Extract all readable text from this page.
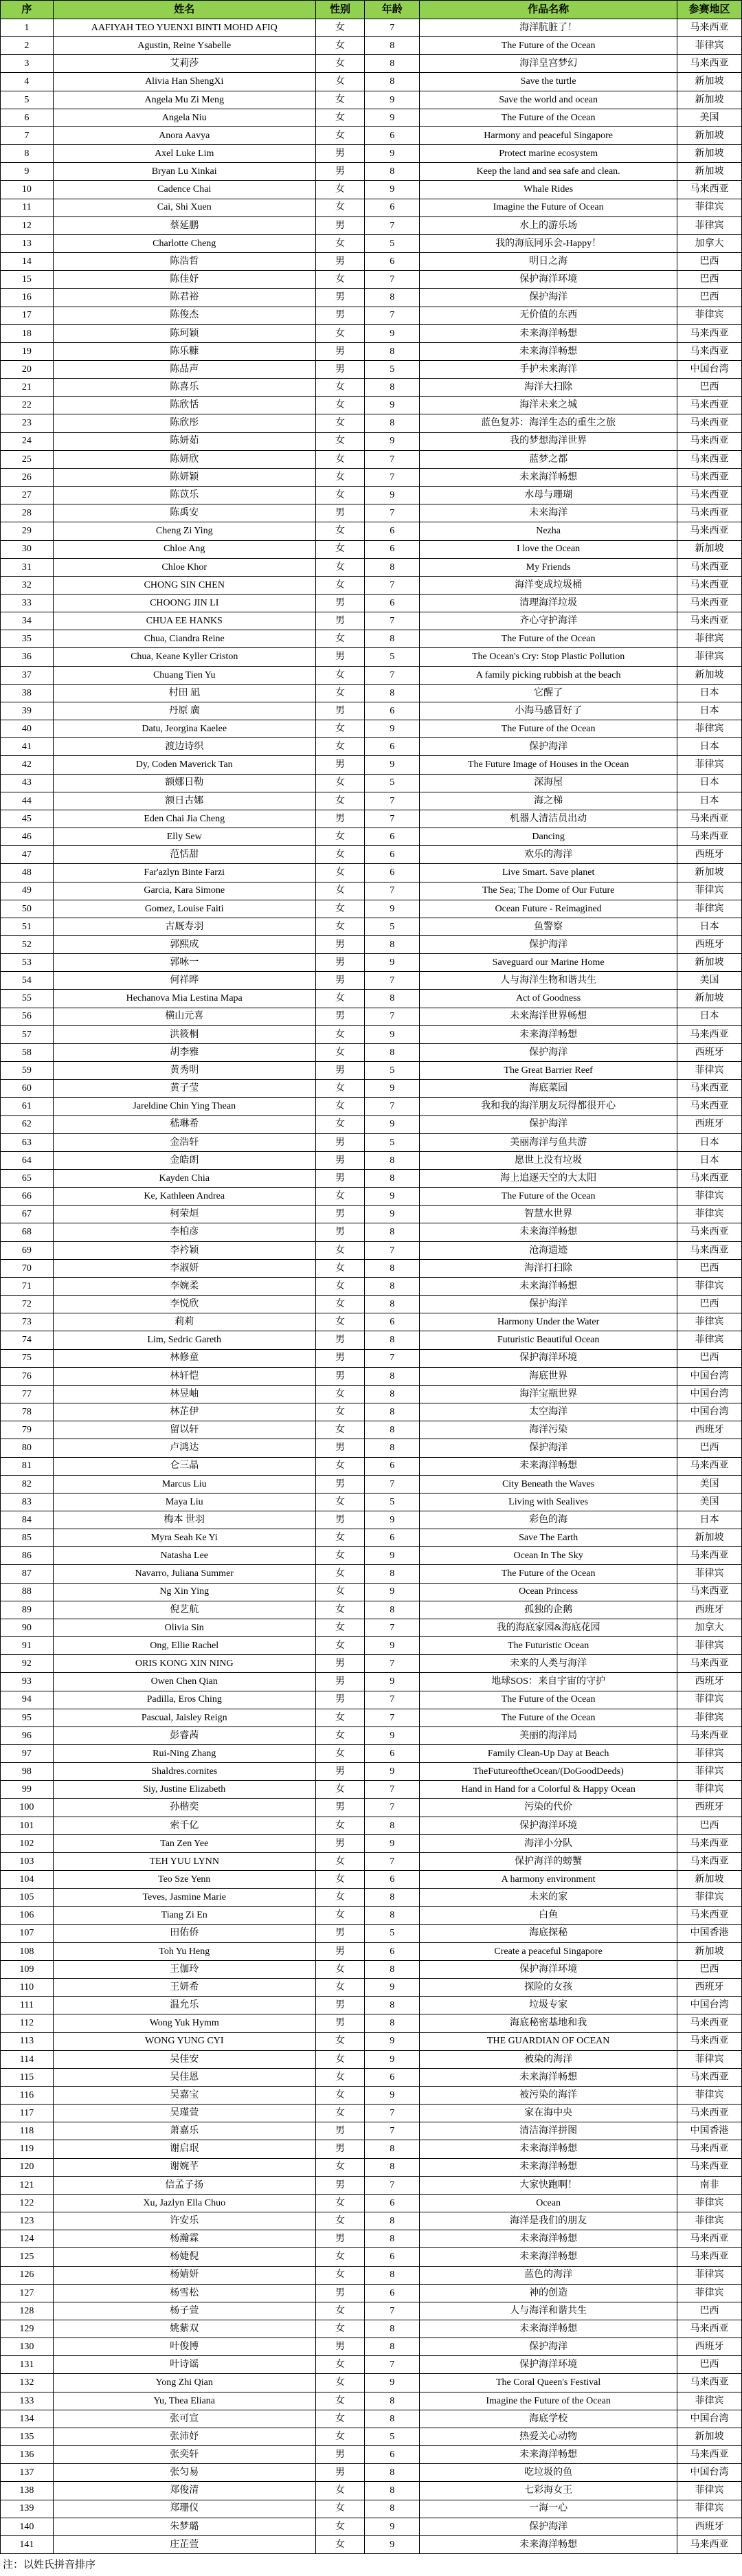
序	姓名	性别	年龄	作品名称	参赛地区
1	AAFIYAH TEO YUENXI BINTI MOHD AFIQ	女	7	海洋肮脏了！	马来西亚
2	Agustin, Reine Ysabelle	女	8	The Future of the Ocean	菲律宾
3	艾莉莎	女	8	海洋皇宫梦幻	马来西亚
4	Alivia Han ShengXi	女	8	Save the turtle	新加坡
5	Angela Mu Zi Meng	女	9	Save the world and ocean	新加坡
6	Angela Niu	女	9	The Future of the Ocean	美国
7	Anora Aavya	女	6	Harmony and peaceful Singapore	新加坡
8	Axel Luke Lim	男	9	Protect marine ecosystem	新加坡
9	Bryan Lu Xinkai	男	8	Keep the land and sea safe and clean.	新加坡
10	Cadence Chai	女	9	Whale Rides	马来西亚
11	Cai, Shi Xuen	女	6	Imagine the Future of Ocean	菲律宾
12	蔡延鹏	男	7	水上的游乐场	菲律宾
13	Charlotte Cheng	女	5	我的海底同乐会-Happy！	加拿大
14	陈浩哲	男	6	明日之海	巴西
15	陈佳妤	女	7	保护海洋环境	巴西
16	陈君裕	男	8	保护海洋	巴西
17	陈俊杰	男	7	无价值的东西	菲律宾
18	陈珂颖	女	9	未来海洋畅想	马来西亚
19	陈乐糠	男	8	未来海洋畅想	马来西亚
20	陈品声	男	5	手护未来海洋	中国台湾
21	陈喜乐	女	8	海洋大扫除	巴西
22	陈欣恬	女	9	海洋未来之城	马来西亚
23	陈欣彤	女	8	蓝色复苏：海洋生态的重生之旅	马来西亚
24	陈妍茹	女	9	我的梦想海洋世界	马来西亚
25	陈妍欣	女	7	蓝梦之都	马来西亚
26	陈妍颖	女	7	未来海洋畅想	马来西亚
27	陈苡乐	女	9	水母与珊瑚	马来西亚
28	陈禹安	男	7	未来海洋	马来西亚
29	Cheng Zi Ying	女	6	Nezha	马来西亚
30	Chloe Ang	女	6	I love the Ocean	新加坡
31	Chloe Khor	女	8	My Friends	马来西亚
32	CHONG SIN CHEN	女	7	海洋变成垃圾桶	马来西亚
33	CHOONG JIN LI	男	6	清理海洋垃圾	马来西亚
34	CHUA EE HANKS	男	7	齐心守护海洋	马来西亚
35	Chua, Ciandra Reine	女	8	The Future of the Ocean	菲律宾
36	Chua, Keane Kyller Criston	男	5	The Ocean's Cry: Stop Plastic Pollution	菲律宾
37	Chuang Tien Yu	女	7	A family picking rubbish at the beach	新加坡
38	村田 凪	女	8	它醒了	日本
39	丹原 廣	男	6	小海马感冒好了	日本
40	Datu, Jeorgina Kaelee	女	9	The Future of the Ocean	菲律宾
41	渡边诗织	女	6	保护海洋	日本
42	Dy, Coden Maverick Tan	男	9	The Future Image of Houses in the Ocean	菲律宾
43	额娜日勒	女	5	深海屋	日本
44	额日古娜	女	7	海之梯	日本
45	Eden Chai Jia Cheng	男	7	机器人清洁员出动	马来西亚
46	Elly Sew	女	6	Dancing	马来西亚
47	范恬甜	女	6	欢乐的海洋	西班牙
48	Far'azlyn Binte Farzi	女	6	Live Smart. Save planet	新加坡
49	Garcia, Kara Simone	女	7	The Sea; The Dome of Our Future	菲律宾
50	Gomez, Louise Faiti	女	9	Ocean Future - Reimagined	菲律宾
51	古厩寿羽	女	5	鱼警察	日本
52	郭熙成	男	8	保护海洋	西班牙
53	郭咏一	男	9	Saveguard our Marine Home	新加坡
54	何祥晔	男	7	人与海洋生物和谐共生	美国
55	Hechanova Mia Lestina Mapa	女	8	Act of Goodness	新加坡
56	横山元喜	男	7	未来海洋世界畅想	日本
57	洪筱桐	女	9	未来海洋畅想	马来西亚
58	胡李雅	女	8	保护海洋	西班牙
59	黄秀明	男	5	The Great Barrier Reef	菲律宾
60	黄子莹	女	9	海底菜园	马来西亚
61	Jareldine Chin Ying Thean	女	7	我和我的海洋朋友玩得都很开心	马来西亚
62	嵇琳希	女	9	保护海洋	西班牙
63	金浩轩	男	5	美丽海洋与鱼共游	日本
64	金皓朗	男	8	愿世上没有垃圾	日本
65	Kayden Chia	男	8	海上追逐天空的大太阳	马来西亚
66	Ke, Kathleen Andrea	女	9	The Future of the Ocean	菲律宾
67	柯荣烜	男	9	智慧水世界	菲律宾
68	李柏彦	男	8	未来海洋畅想	马来西亚
69	李衿颖	女	7	沧海遗迹	马来西亚
70	李淑妍	女	8	海洋打扫除	巴西
71	李婉柔	女	8	未来海洋畅想	菲律宾
72	李悦欣	女	8	保护海洋	巴西
73	莉莉	女	6	Harmony Under the Water	菲律宾
74	Lim, Sedric Gareth	男	8	Futuristic Beautiful Ocean	菲律宾
75	林修童	男	7	保护海洋环境	巴西
76	林轩恺	男	8	海底世界	中国台湾
77	林昱岫	女	8	海洋宝瓶世界	中国台湾
78	林芷伊	女	8	太空海洋	中国台湾
79	留以轩	女	8	海洋污染	西班牙
80	卢鸿达	男	8	保护海洋	巴西
81	仑三晶	女	6	未来海洋畅想	马来西亚
82	Marcus Liu	男	7	City Beneath the Waves	美国
83	Maya Liu	女	5	Living with Sealives	美国
84	梅本 世羽	男	9	彩色的海	日本
85	Myra Seah Ke Yi	女	6	Save The Earth	新加坡
86	Natasha Lee	女	9	Ocean In The Sky	马来西亚
87	Navarro, Juliana Summer	女	8	The Future of the Ocean	菲律宾
88	Ng Xin Ying	女	9	Ocean Princess	马来西亚
89	倪艺航	女	8	孤独的企鹅	西班牙
90	Olivia Sin	女	7	我的海底家园&海底花园	加拿大
91	Ong, Ellie Rachel	女	9	The Futuristic Ocean	菲律宾
92	ORIS KONG XIN NING	男	7	未来的人类与海洋	马来西亚
93	Owen Chen Qian	男	9	地球SOS：来自宇宙的守护	西班牙
94	Padilla, Eros Ching	男	7	The Future of the Ocean	菲律宾
95	Pascual, Jaisley Reign	女	7	The Future of the Ocean	菲律宾
96	彭睿茜	女	9	美丽的海洋局	马来西亚
97	Rui-Ning Zhang	女	6	Family Clean-Up Day at Beach	菲律宾
98	Shaldres.cornites	男	9	TheFutureoftheOcean/(DoGoodDeeds)	菲律宾
99	Siy, Justine Elizabeth	女	7	Hand in Hand for a Colorful & Happy Ocean	菲律宾
100	孙楷奕	男	7	污染的代价	西班牙
101	索千亿	女	8	保护海洋环境	巴西
102	Tan Zen Yee	男	9	海洋小分队	马来西亚
103	TEH YUU LYNN	女	7	保护海洋的螃蟹	马来西亚
104	Teo Sze Yenn	女	6	A harmony environment	新加坡
105	Teves, Jasmine Marie	女	8	未来的家	菲律宾
106	Tiang Zi En	女	8	白鱼	马来西亚
107	田佑侨	男	5	海底探秘	中国香港
108	Toh Yu Heng	男	6	Create a peaceful Singapore	新加坡
109	王伽玲	女	8	保护海洋环境	巴西
110	王妍希	女	9	探险的女孩	西班牙
111	温允乐	男	8	垃圾专家	中国台湾
112	Wong Yuk Hymm	男	8	海底秘密基地和我	马来西亚
113	WONG YUNG CYI	女	9	THE GUARDIAN OF OCEAN	马来西亚
114	吴佳安	女	9	被染的海洋	菲律宾
115	吴佳恩	女	6	未来海洋畅想	马来西亚
116	吴嘉宝	女	9	被污染的海洋	菲律宾
117	吴瑾萱	女	7	家在海中央	马来西亚
118	萧嘉乐	男	7	清洁海洋拼图	中国香港
119	谢启珉	男	8	未来海洋畅想	马来西亚
120	谢婉芊	女	8	未来海洋畅想	马来西亚
121	信孟子扬	男	7	大家快跑啊！	南非
122	Xu, Jazlyn Ella Chuo	女	6	Ocean	菲律宾
123	许安乐	女	8	海洋是我们的朋友	菲律宾
124	杨瀚霖	男	8	未来海洋畅想	马来西亚
125	杨婕倪	女	6	未来海洋畅想	马来西亚
126	杨婧妍	女	8	蓝色的海洋	菲律宾
127	杨雪松	男	6	神的创造	菲律宾
128	杨子萱	女	7	人与海洋和谐共生	巴西
129	姚紫双	女	8	未来海洋畅想	马来西亚
130	叶俊博	男	8	保护海洋	西班牙
131	叶诗谣	女	7	保护海洋环境	巴西
132	Yong Zhi Qian	女	9	The Coral Queen's Festival	马来西亚
133	Yu, Thea Eliana	女	8	Imagine the Future of the Ocean	菲律宾
134	张可宣	女	8	海底学校	中国台湾
135	张沛妤	女	5	热爱关心动物	新加坡
136	张奕轩	男	6	未来海洋畅想	马来西亚
137	张匀易	男	8	吃垃圾的鱼	中国台湾
138	郑俊清	女	8	七彩海女王	菲律宾
139	郑珊仪	女	8	一海一心	菲律宾
140	朱梦璐	女	9	保护海洋	西班牙
141	庄芷萱	女	9	未来海洋畅想	马来西亚
注：以姓氏拼音排序
